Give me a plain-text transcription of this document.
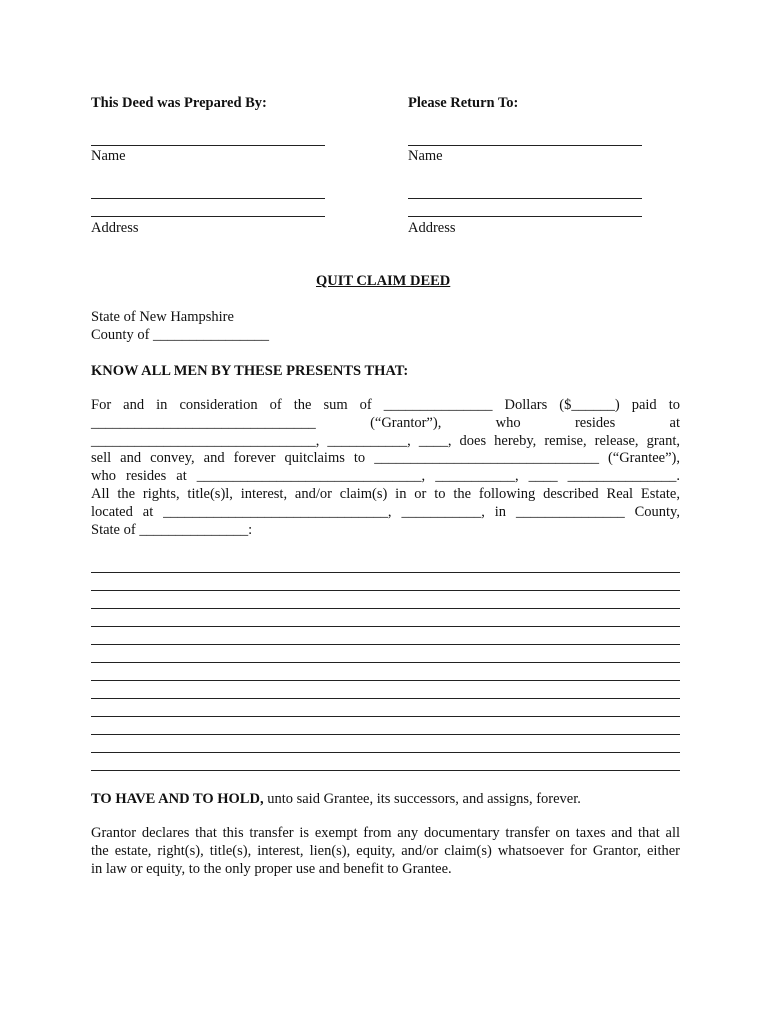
This Deed was Prepared By:	Please Return To:
Name	Name
Address	Address
QUIT CLAIM DEED
State of New Hampshire
County of ________________
KNOW ALL MEN BY THESE PRESENTS THAT:
For and in consideration of the sum of _______________ Dollars ($______) paid to
_______________________________ (“Grantor”), who resides at
_______________________________, ___________, ____, does hereby, remise, release, grant,
sell and convey, and forever quitclaims to _______________________________ (“Grantee”),
who resides at _______________________________, ___________, ____ _______________.
All the rights, title(s)l, interest, and/or claim(s) in or to the following described Real Estate,
located at _______________________________, ___________, in _______________ County,
State of _______________:
TO HAVE AND TO HOLD, unto said Grantee, its successors, and assigns, forever.
Grantor declares that this transfer is exempt from any documentary transfer on taxes and that all
the estate, right(s), title(s), interest, lien(s), equity, and/or claim(s) whatsoever for Grantor, either
in law or equity, to the only proper use and benefit to Grantee.
